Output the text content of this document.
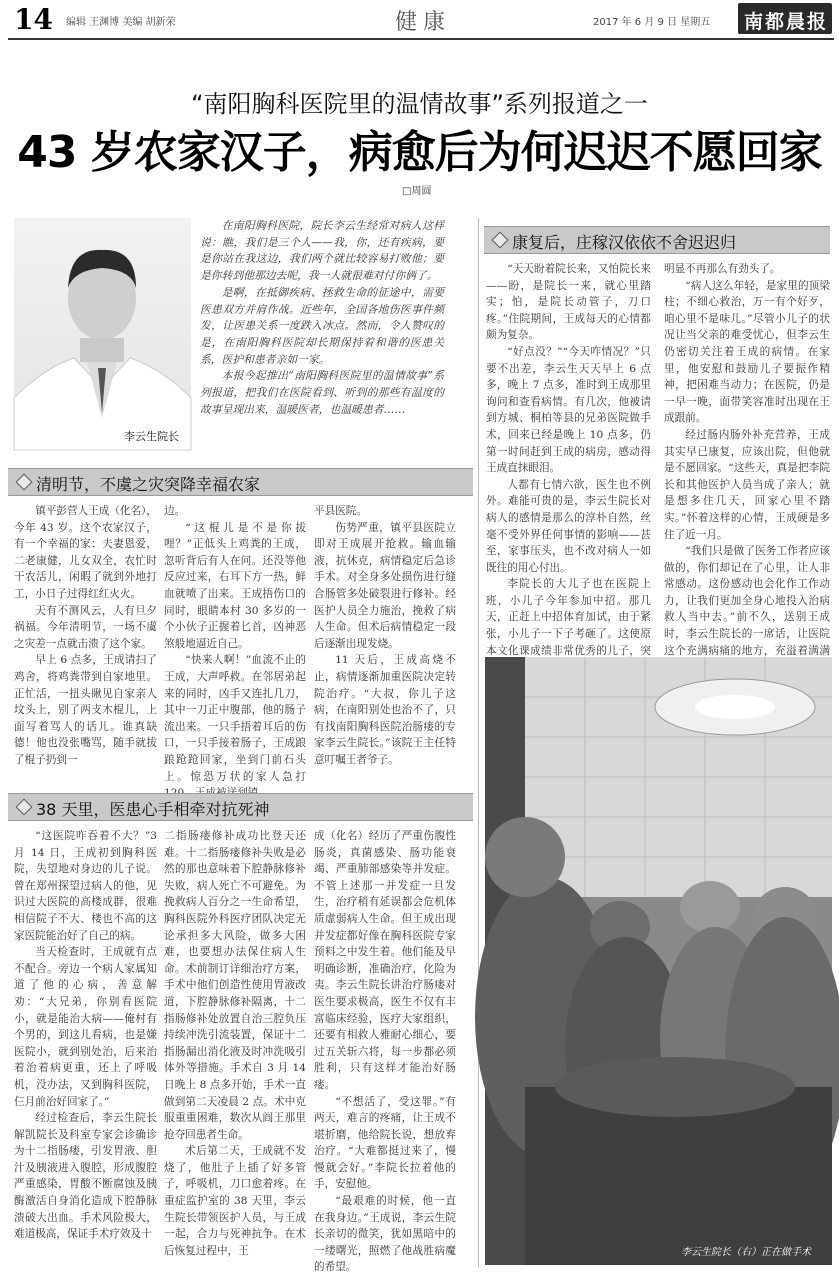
14 编辑 王渊博 美编 胡新荣	健康	2017 年 6 月 9 日 星期五 南都晨报
“南阳胸科医院里的温情故事”系列报道之一
43 岁农家汉子，病愈后为何迟迟不愿回家
□周圆
李云生院长

在南阳胸科医院，院长李云生经常对病人这样说：瞧，我们是三个人——我，你，还有疾病，要是你站在我这边，我们两个就比较容易打败他；要是你转到他那边去呢，我一人就很难对付你俩了。

是啊，在抵御疾病、拯救生命的征途中，需要医患双方并肩作战。近些年，全国各地伤医事件频发，让医患关系一度跌入冰点。然而，令人赞叹的是，在南阳胸科医院却长期保持着和谐的医患关系，医护和患者亲如一家。

本报今起推出“南阳胸科医院里的温情故事”系列报道，把我们在医院看到、听到的那些有温度的故事呈现出来，温暖医者，也温暖患者……

清明节，不虞之灾突降幸福农家

镇平彭营人王成（化名），今年 43 岁。这个农家汉子，有一个幸福的家：夫妻恩爱，二老康健，儿女双全，农忙时干农活儿，闲暇了就到外地打工，小日子过得红红火火。

天有不测风云，人有旦夕祸福。今年清明节，一场不虞之灾差一点就击溃了这个家。

早上 6 点多，王成请扫了鸡舍，将鸡粪带到自家地里。正忙活，一扭头瞅见自家亲人坟头上，别了两支木棍儿，上面写着骂人的话儿。谁真缺德！他也没张嘴骂，随手就拔了棍子扔到一

边。

“这棍儿是不是你拔哩？”正低头上鸡粪的王成，忽听背后有人在问。还没等他反应过来，右耳下方一热，鲜血就喷了出来。王成捂伤口的同时，眼睛本村 30 多岁的一个小伙子正握着匕首，凶神恶煞般地逼近自己。

“快来人啊！”血流不止的王成，大声呼救。在邻居弟起来的同时，凶手又连扎几刀，其中一刀正中腹部，他的肠子流出来。一只手捂着耳后的伤口，一只手接着肠子，王成踉踉跄跄回家，坐到门前石头上。惊恐万状的家人急打

平县医院。

伤势严重，镇平县医院立即对王成展开抢救。输血输液，抗休克，病情稳定后急诊手术。对全身多处损伤进行缝合肠管多处破裂进行修补。经医护人员全力施治，挽救了病人生命。但术后病情稳定一段后逐渐出现发烧。

11 天后，王成高烧不止，病情逐渐加重医院决定转院治疗。“大叔，你儿子这病，在南阳别处也治不了，只有找南阳胸科医院治肠瘘的专家李云生院长。”该院王主任特意叮嘱王者爷子。

38 天里，医患心手相牵对抗死神

“这医院咋吞着不大？”3 月 14 日，王成初到胸科医院，失望地对身边的儿子说。曾在郑州探望过病人的他，见识过大医院的高楼成群，很难相信院子不大、楼也不高的这家医院能治好了自己的病。

当天检查时，王成就有点不配合。旁边一个病人家属知道了他的心病，善意解劝：“大兄弟，你别看医院小，就是能治大病——俺村有个男的，到这儿看病，也是嫌医院小，就到别处治，后来治着治着病更重，还上了呼吸机，没办法，又到胸科医院，仨月前治好回家了。”

经过检查后，李云生院长解凯院长及科室专家会诊确诊为十二指肠瘘，引发胃液、胆汁及胰液进入腹腔，形成腹腔严重感染，胃酸不断腐蚀及胰酶激活自身消化造成下腔静脉溃破大出血。手术风险极大，难道极高，保证手术疗效及十

二指肠瘘修补成功比登天还难。十二指肠瘘修补失败是必然的那也意味着下腔静脉修补失败，病人死亡不可避免。为挽救病人百分之一生命希望，胸科医院外科医疗团队决定无论承担多大风险，做多大困难，也要想办法保住病人生命。术前制订详细治疗方案，手术中他们创造性使用胃液改道，下腔静脉修补隔离，十二指肠修补处放置自治三腔负压持续冲洗引流装置，保证十二指肠漏出消化液及时冲洗吸引体外等措施。手术自 3 月 14 日晚上 8 点多开始，手术一直做到第二天凌晨 2 点。术中克服重重困难，数次从阎王那里抢夺回患者生命。

术后第二天，王成就不发烧了，他肚子上插了好多管子，呼吸机，刀口愈着疼。在重症监护室的 38 天里，李云生院长带领医护人员，与王成一起，合力与死神抗争。在术后恢复过程中，王

成（化名）经历了严重伤腹性肠炎，真菌感染、肠功能衰竭、严重肺部感染等并发症。不管上述那一并发症一旦发生，治疗稍有延误都会危机体质虚弱病人生命。但王成出现并发症都好像在胸科医院专家预料之中发生着。他们能及早明确诊断，准确治疗，化险为夷。李云生院长讲治疗肠瘘对医生要求极高，医生不仅有丰富临床经验，医疗大家组织，还要有相救人雅耐心细心，要过五关斩六将，每一步都必须胜利，只有这样才能治好肠瘘。

“不想活了，受这罪。”有两天，难言的疼痛，让王成不堪折磨，他给院长说，想放弃治疗。“大难都挺过来了，慢慢就会好。”李院长拉着他的手，安慰他。

“最艰难的时候，他一直在我身边。”王成说，李云生院长亲切的微笑，犹如黑暗中的一缕曙光，照燃了他战胜病魔的希望。

康复后，庄稼汉依依不舍迟迟归

“天天盼着院长来，又怕院长来——盼，是院长一来，就心里踏实；怕，是院长动管子，刀口疼。”住院期间，王成每天的心情都颇为复杂。

“好点没？”“今天咋情况？”只要不出差，李云生天天早上 6 点多，晚上 7 点多，准时到王成那里询问和查看病情。有几次，他被请到方城、桐柏等县的兄弟医院做手术，回来已经是晚上 10 点多，仍第一时间赶到王成的病房，感动得王成直抹眼泪。

人都有七情六欲，医生也不例外。难能可贵的是，李云生院长对病人的感情是那么的淳朴自然，丝毫不受外界任何事情的影响——甚至，家事压头，也不改对病人一如既往的用心付出。

李院长的大儿子也在医院上班，小儿子今年参加中招。那几天，正赶上中招体育加试，由于紧张，小儿子一下子考砸了。这使原本文化课成绩非常优秀的儿子，突

明显不再那么有劲头了。

“病人这么年轻，是家里的顶梁柱；不细心救治，万一有个好歹，咱心里不是味儿。”尽管小儿子的状况让当父亲的难受忧心，但李云生仍密切关注着王成的病情。在家里，他安慰和鼓励儿子要振作精神，把困难当动力；在医院，仍是一早一晚，面带笑容准时出现在王成跟前。

经过肠内肠外补充营养，王成其实早已康复，应该出院，但他就是不愿回家。“这些天，真是把李院长和其他医护人员当成了亲人；就是想多住几天，回家心里不踏实。”怀着这样的心情，王成硬是多住了近一月。

“我们只是做了医务工作者应该做的，你们却记在了心里，让人非常感动。这份感动也会化作工作动力，让我们更加全身心地投入治病救人当中去。”前不久，送别王成时，李云生院长的一席话，让医院这个充满病痛的地方，充溢着满满

李云生院长（右）正在做手术
